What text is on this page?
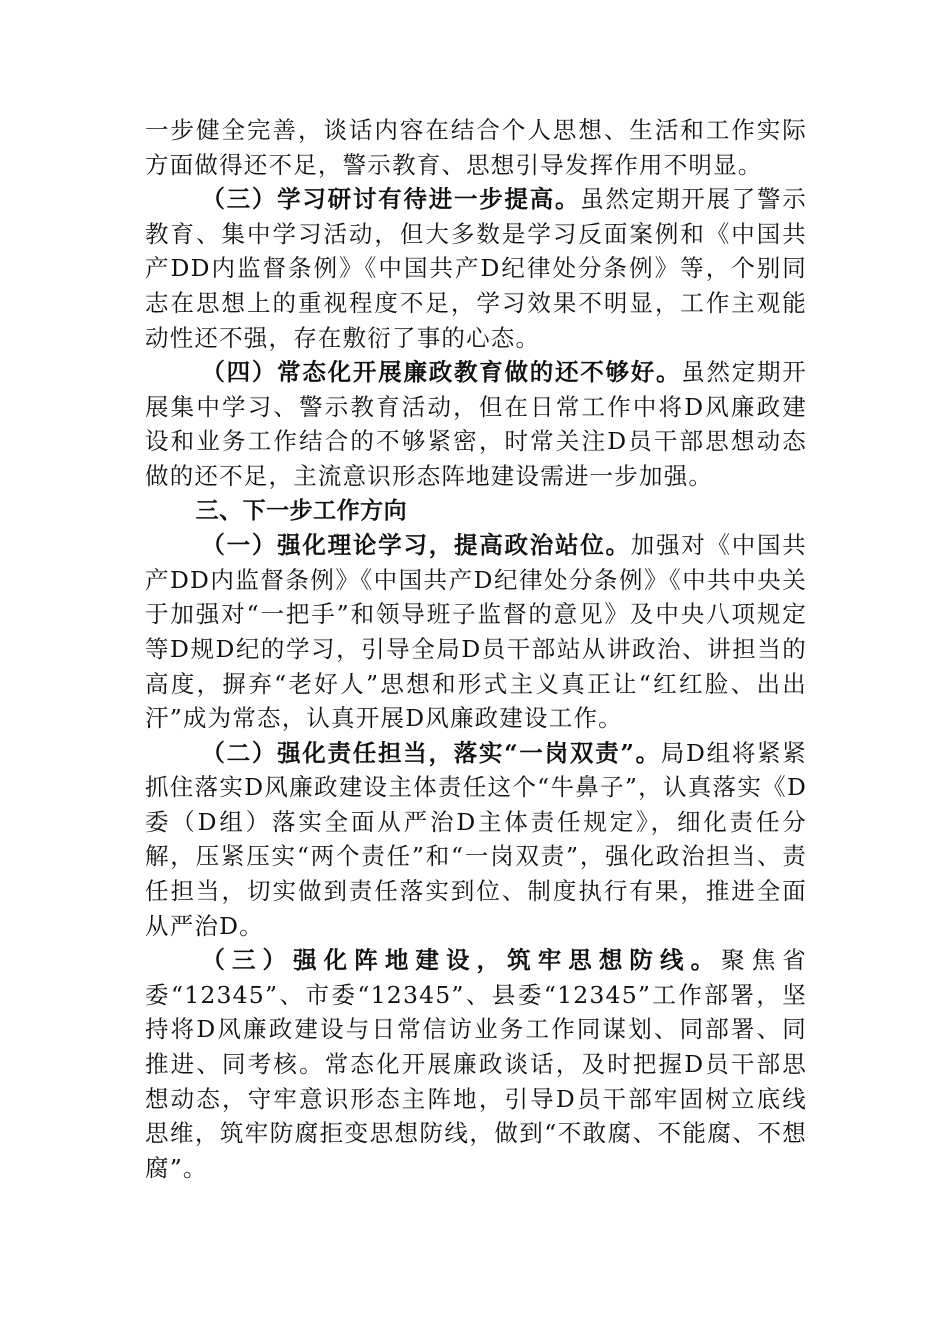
一步健全完善，谈话内容在结合个人思想、生活和工作实际方面做得还不足，警示教育、思想引导发挥作用不明显。

（三）学习研讨有待进一步提高。虽然定期开展了警示教育、集中学习活动，但大多数是学习反面案例和《中国共产DD内监督条例》《中国共产D纪律处分条例》等，个别同志在思想上的重视程度不足，学习效果不明显，工作主观能动性还不强，存在敷衍了事的心态。

（四）常态化开展廉政教育做的还不够好。虽然定期开展集中学习、警示教育活动，但在日常工作中将D风廉政建设和业务工作结合的不够紧密，时常关注D员干部思想动态做的还不足，主流意识形态阵地建设需进一步加强。

三、下一步工作方向

（一）强化理论学习，提高政治站位。加强对《中国共产DD内监督条例》《中国共产D纪律处分条例》《中共中央关于加强对“一把手”和领导班子监督的意见》及中央八项规定等D规D纪的学习，引导全局D员干部站从讲政治、讲担当的高度，摒弃“老好人”思想和形式主义真正让“红红脸、出出汗”成为常态，认真开展D风廉政建设工作。

（二）强化责任担当，落实“一岗双责”。局D组将紧紧抓住落实D风廉政建设主体责任这个“牛鼻子”，认真落实《D委（D组）落实全面从严治D主体责任规定》，细化责任分解，压紧压实“两个责任”和“一岗双责”，强化政治担当、责任担当，切实做到责任落实到位、制度执行有果，推进全面从严治D。

（三）强化阵地建设，筑牢思想防线。聚焦省委“12345”、市委“12345”、县委“12345”工作部署，坚持将D风廉政建设与日常信访业务工作同谋划、同部署、同推进、同考核。常态化开展廉政谈话，及时把握D员干部思想动态，守牢意识形态主阵地，引导D员干部牢固树立底线思维，筑牢防腐拒变思想防线，做到“不敢腐、不能腐、不想腐”。
